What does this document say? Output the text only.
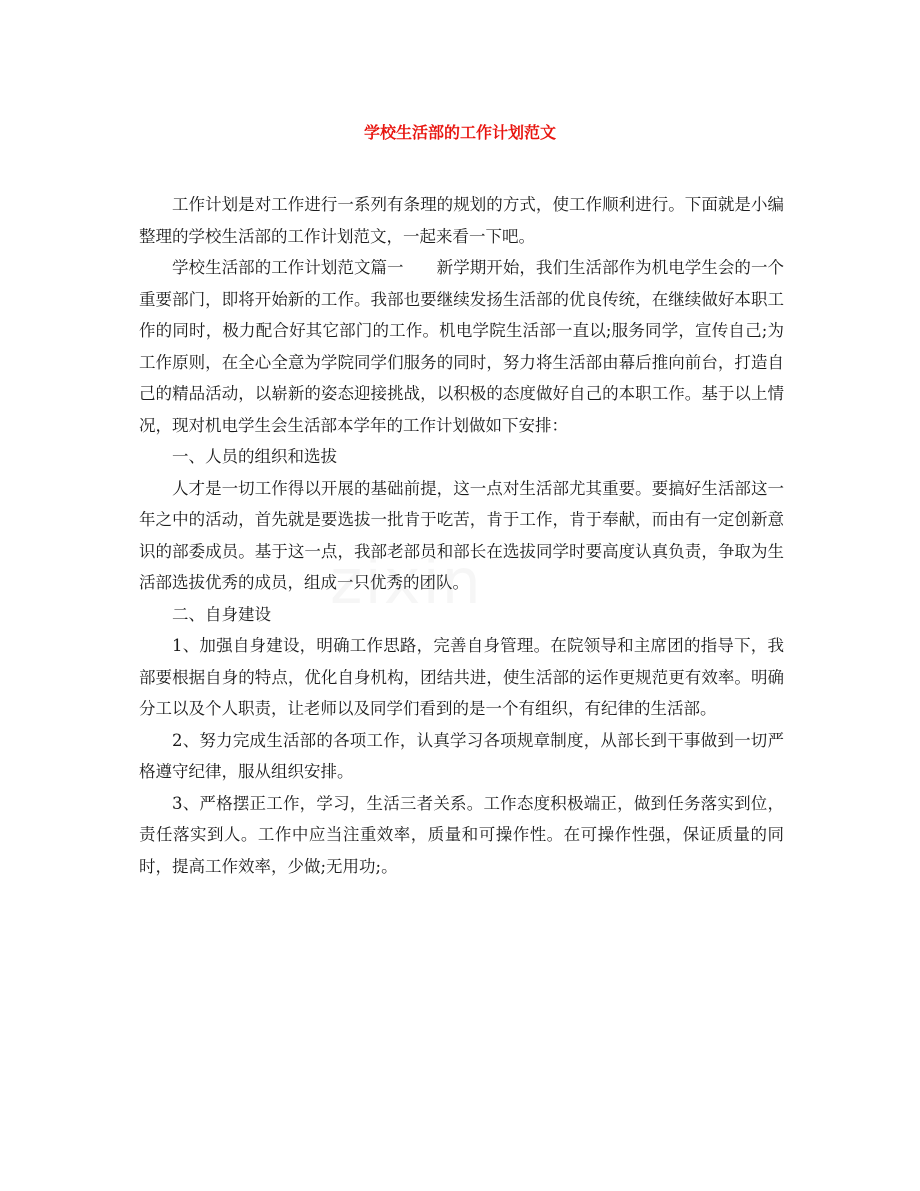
学校生活部的工作计划范文

工作计划是对工作进行一系列有条理的规划的方式，使工作顺利进行。下面就是小编整理的学校生活部的工作计划范文，一起来看一下吧。

学校生活部的工作计划范文篇一　　新学期开始，我们生活部作为机电学生会的一个重要部门，即将开始新的工作。我部也要继续发扬生活部的优良传统，在继续做好本职工作的同时，极力配合好其它部门的工作。机电学院生活部一直以;服务同学，宣传自己;为工作原则，在全心全意为学院同学们服务的同时，努力将生活部由幕后推向前台，打造自己的精品活动，以崭新的姿态迎接挑战，以积极的态度做好自己的本职工作。基于以上情况，现对机电学生会生活部本学年的工作计划做如下安排：

一、人员的组织和选拔

人才是一切工作得以开展的基础前提，这一点对生活部尤其重要。要搞好生活部这一年之中的活动，首先就是要选拔一批肯于吃苦，肯于工作，肯于奉献，而由有一定创新意识的部委成员。基于这一点，我部老部员和部长在选拔同学时要高度认真负责，争取为生活部选拔优秀的成员，组成一只优秀的团队。

二、自身建设

1、加强自身建设，明确工作思路，完善自身管理。在院领导和主席团的指导下，我部要根据自身的特点，优化自身机构，团结共进，使生活部的运作更规范更有效率。明确分工以及个人职责，让老师以及同学们看到的是一个有组织，有纪律的生活部。

2、努力完成生活部的各项工作，认真学习各项规章制度，从部长到干事做到一切严格遵守纪律，服从组织安排。

3、严格摆正工作，学习，生活三者关系。工作态度积极端正，做到任务落实到位，责任落实到人。工作中应当注重效率，质量和可操作性。在可操作性强，保证质量的同时，提高工作效率，少做;无用功;。
